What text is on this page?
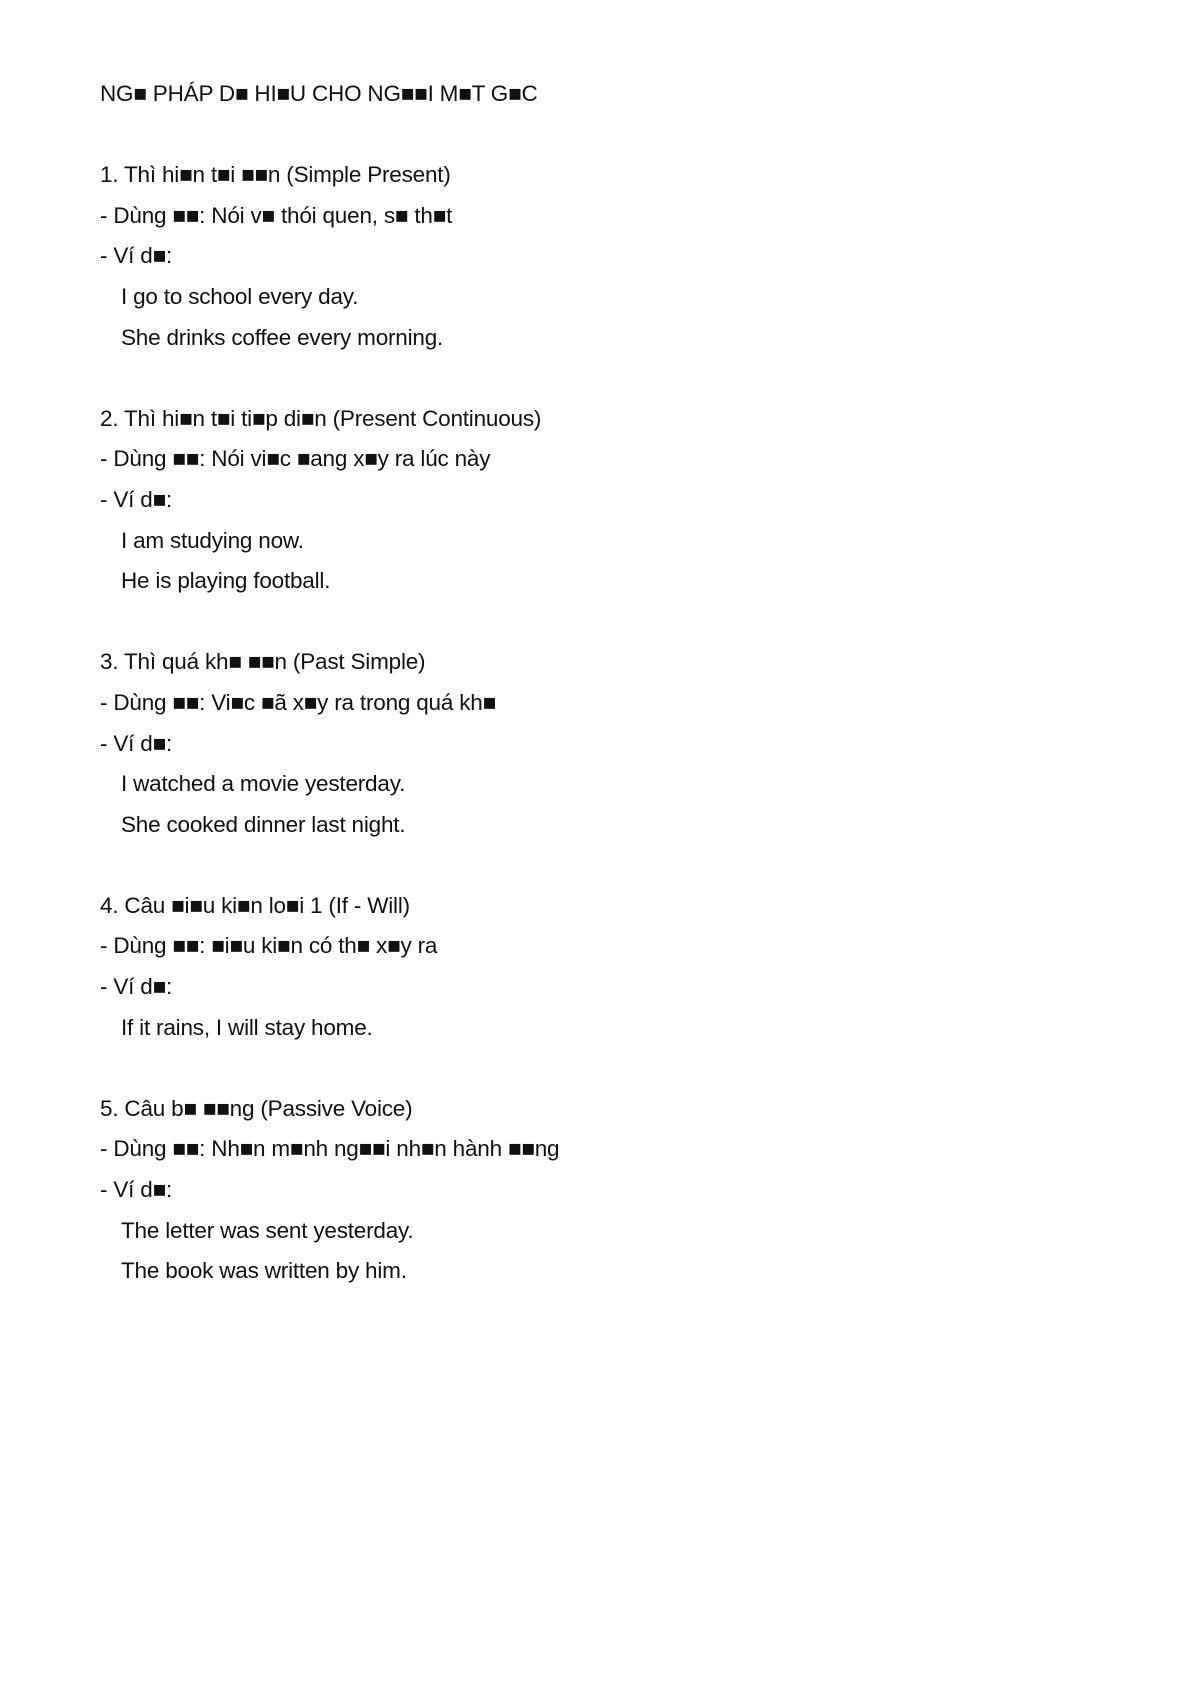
NG■ PHÁP D■ HI■U CHO NG■■I M■T G■C
1. Thì hi■n t■i ■■n (Simple Present)
- Dùng ■■: Nói v■ thói quen, s■ th■t
- Ví d■:
I go to school every day.
She drinks coffee every morning.
2. Thì hi■n t■i ti■p di■n (Present Continuous)
- Dùng ■■: Nói vi■c ■ang x■y ra lúc này
- Ví d■:
I am studying now.
He is playing football.
3. Thì quá kh■ ■■n (Past Simple)
- Dùng ■■: Vi■c ■ã x■y ra trong quá kh■
- Ví d■:
I watched a movie yesterday.
She cooked dinner last night.
4. Câu ■i■u ki■n lo■i 1 (If - Will)
- Dùng ■■: ■i■u ki■n có th■ x■y ra
- Ví d■:
If it rains, I will stay home.
5. Câu b■ ■■ng (Passive Voice)
- Dùng ■■: Nh■n m■nh ng■■i nh■n hành ■■ng
- Ví d■:
The letter was sent yesterday.
The book was written by him.
